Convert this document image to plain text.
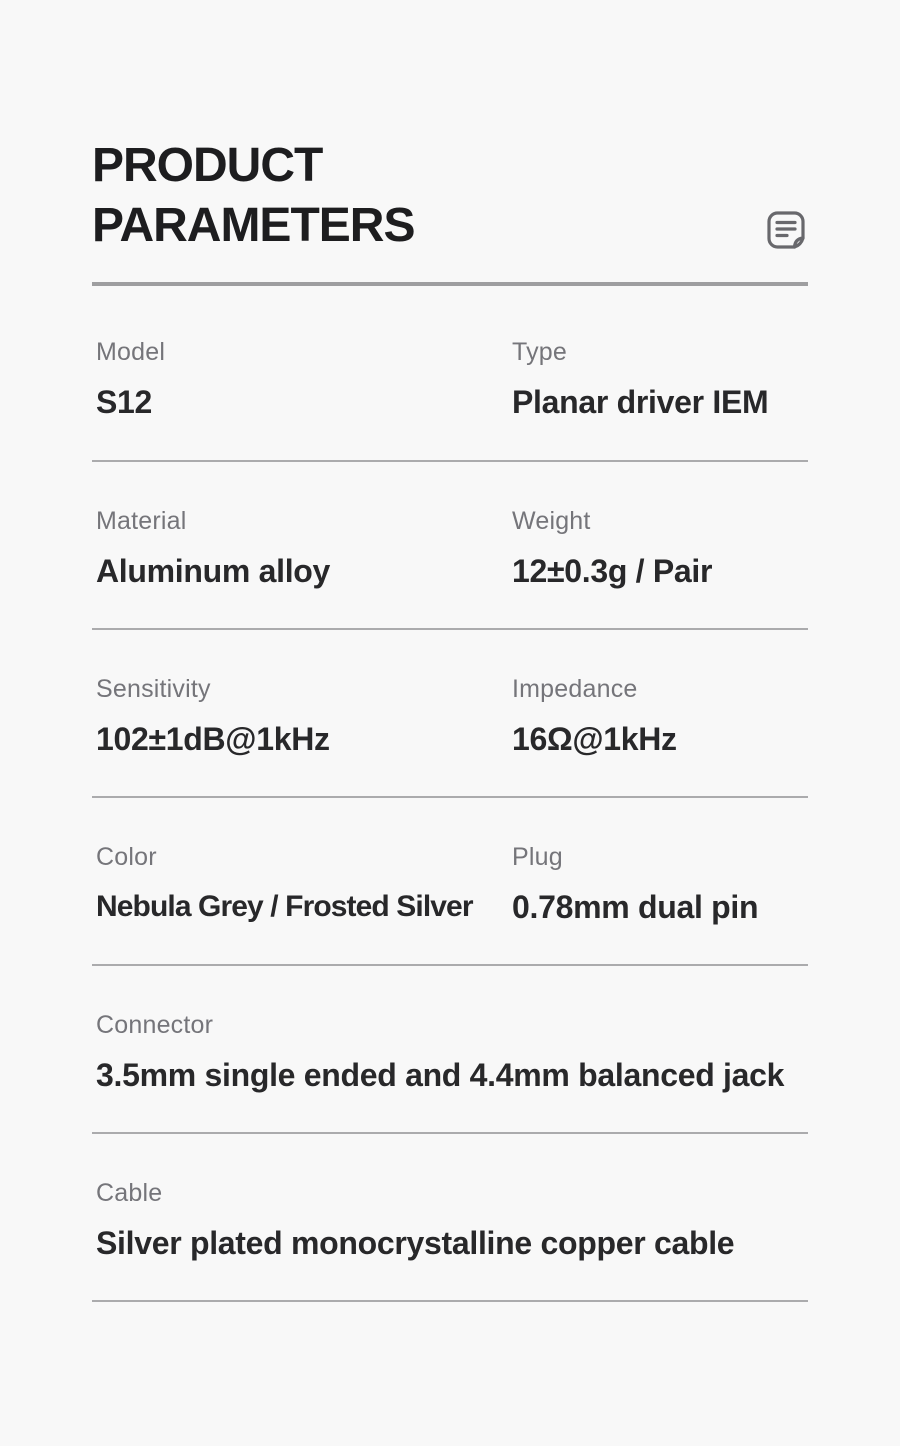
PRODUCT PARAMETERS
Model
S12
Type
Planar driver IEM
Material
Aluminum alloy
Weight
12±0.3g / Pair
Sensitivity
102±1dB@1kHz
Impedance
16Ω@1kHz
Color
Nebula Grey / Frosted Silver
Plug
0.78mm dual pin
Connector
3.5mm single ended and 4.4mm balanced jack
Cable
Silver plated monocrystalline copper cable
